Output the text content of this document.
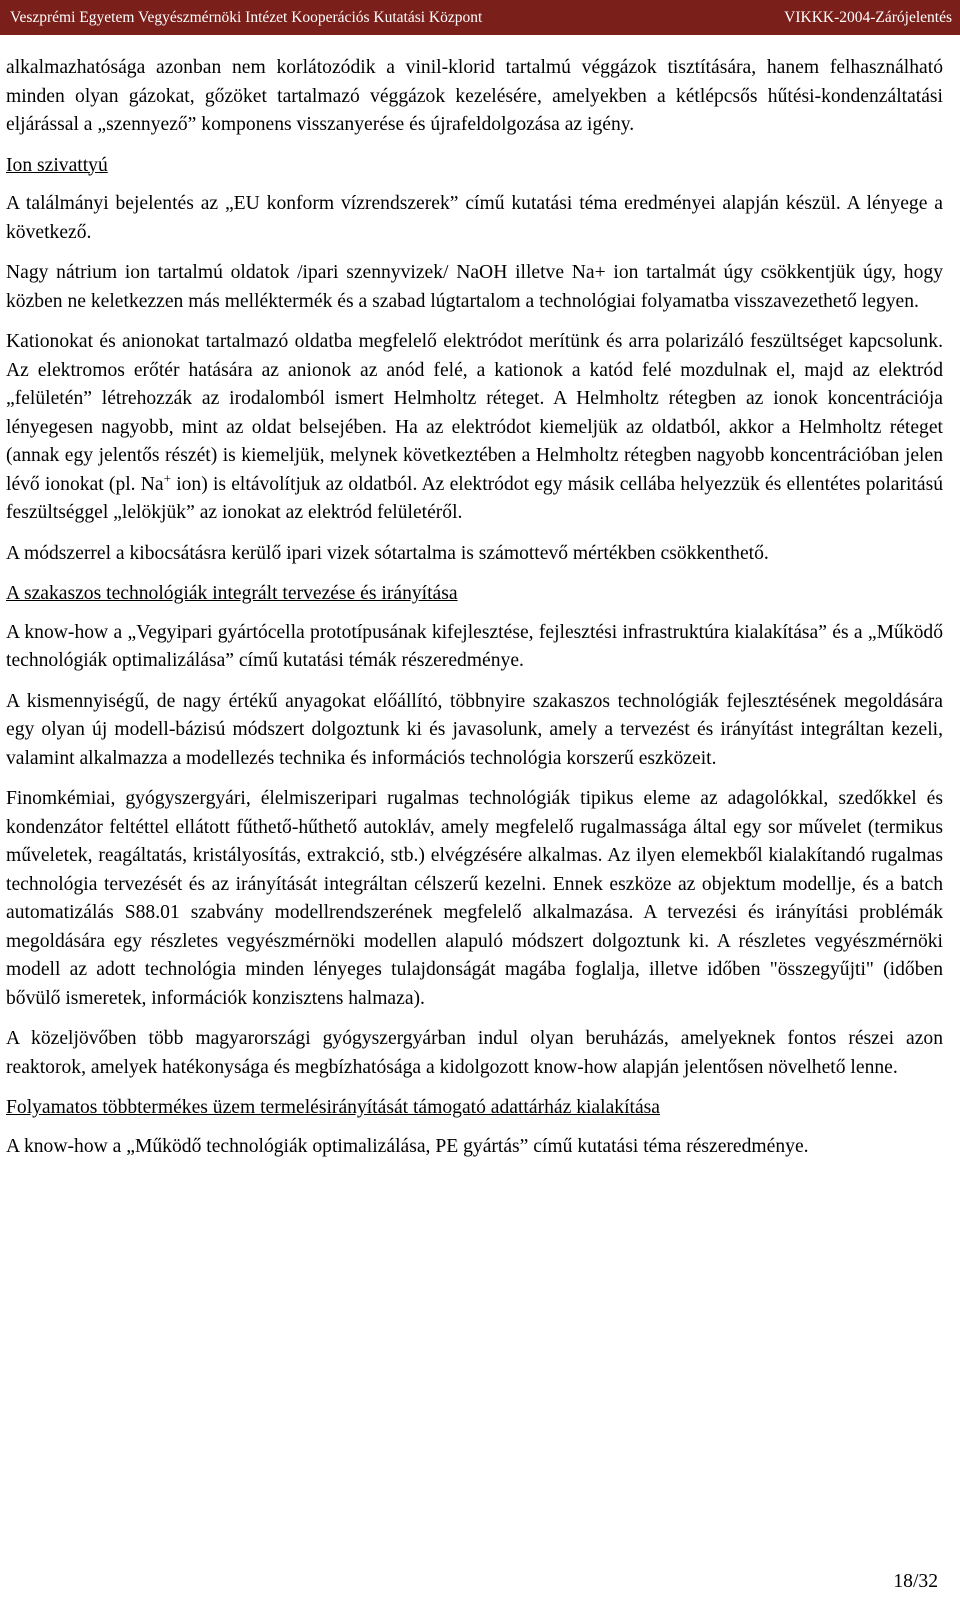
Veszprémi Egyetem Vegyészmérnöki Intézet Kooperációs Kutatási Központ	VIKKK-2004-Zárójelentés

alkalmazhatósága azonban nem korlátozódik a vinil-klorid tartalmú véggázok tisztítására, hanem felhasználható minden olyan gázokat, gőzöket tartalmazó véggázok kezelésére, amelyekben a kétlépcsős hűtési-kondenzáltatási eljárással a „szennyező” komponens visszanyerése és újrafeldolgozása az igény.

Ion szivattyú

A találmányi bejelentés az „EU konform vízrendszerek” című kutatási téma eredményei alapján készül. A lényege a következő.

Nagy nátrium ion tartalmú oldatok /ipari szennyvizek/ NaOH illetve Na+ ion tartalmát úgy csökkentjük úgy, hogy közben ne keletkezzen más melléktermék és a szabad lúgtartalom a technológiai folyamatba visszavezethető legyen.

Kationokat és anionokat tartalmazó oldatba megfelelő elektródot merítünk és arra polarizáló feszültséget kapcsolunk. Az elektromos erőtér hatására az anionok az anód felé, a kationok a katód felé mozdulnak el, majd az elektród „felületén” létrehozzák az irodalomból ismert Helmholtz réteget. A Helmholtz rétegben az ionok koncentrációja lényegesen nagyobb, mint az oldat belsejében. Ha az elektródot kiemeljük az oldatból, akkor a Helmholtz réteget (annak egy jelentős részét) is kiemeljük, melynek következtében a Helmholtz rétegben nagyobb koncentrációban jelen lévő ionokat (pl. Na+ ion) is eltávolítjuk az oldatból. Az elektródot egy másik cellába helyezzük és ellentétes polaritású feszültséggel „lelökjük” az ionokat az elektród felületéről.

A módszerrel a kibocsátásra kerülő ipari vizek sótartalma is számottevő mértékben csökkenthető.

A szakaszos technológiák integrált tervezése és irányítása

A know-how a „Vegyipari gyártócella prototípusának kifejlesztése, fejlesztési infrastruktúra kialakítása” és a „Működő technológiák optimalizálása” című kutatási témák részeredménye.

A kismennyiségű, de nagy értékű anyagokat előállító, többnyire szakaszos technológiák fejlesztésének megoldására egy olyan új modell-bázisú módszert dolgoztunk ki és javasolunk, amely a tervezést és irányítást integráltan kezeli, valamint alkalmazza a modellezés technika és információs technológia korszerű eszközeit.

Finomkémiai, gyógyszergyári, élelmiszeripari rugalmas technológiák tipikus eleme az adagolókkal, szedőkkel és kondenzátor feltéttel ellátott fűthető-hűthető autokláv, amely megfelelő rugalmassága által egy sor művelet (termikus műveletek, reagáltatás, kristályosítás, extrakció, stb.) elvégzésére alkalmas. Az ilyen elemekből kialakítandó rugalmas technológia tervezését és az irányítását integráltan célszerű kezelni. Ennek eszköze az objektum modellje, és a batch automatizálás S88.01 szabvány modellrendszerének megfelelő alkalmazása. A tervezési és irányítási problémák megoldására egy részletes vegyészmérnöki modellen alapuló módszert dolgoztunk ki. A részletes vegyészmérnöki modell az adott technológia minden lényeges tulajdonságát magába foglalja, illetve időben "összegyűjti" (időben bővülő ismeretek, információk konzisztens halmaza).

A közeljövőben több magyarországi gyógyszergyárban indul olyan beruházás, amelyeknek fontos részei azon reaktorok, amelyek hatékonysága és megbízhatósága a kidolgozott know-how alapján jelentősen növelhető lenne.

Folyamatos többtermékes üzem termelésirányítását támogató adattárház kialakítása

A know-how a „Működő technológiák optimalizálása, PE gyártás” című kutatási téma részeredménye.

18/32
